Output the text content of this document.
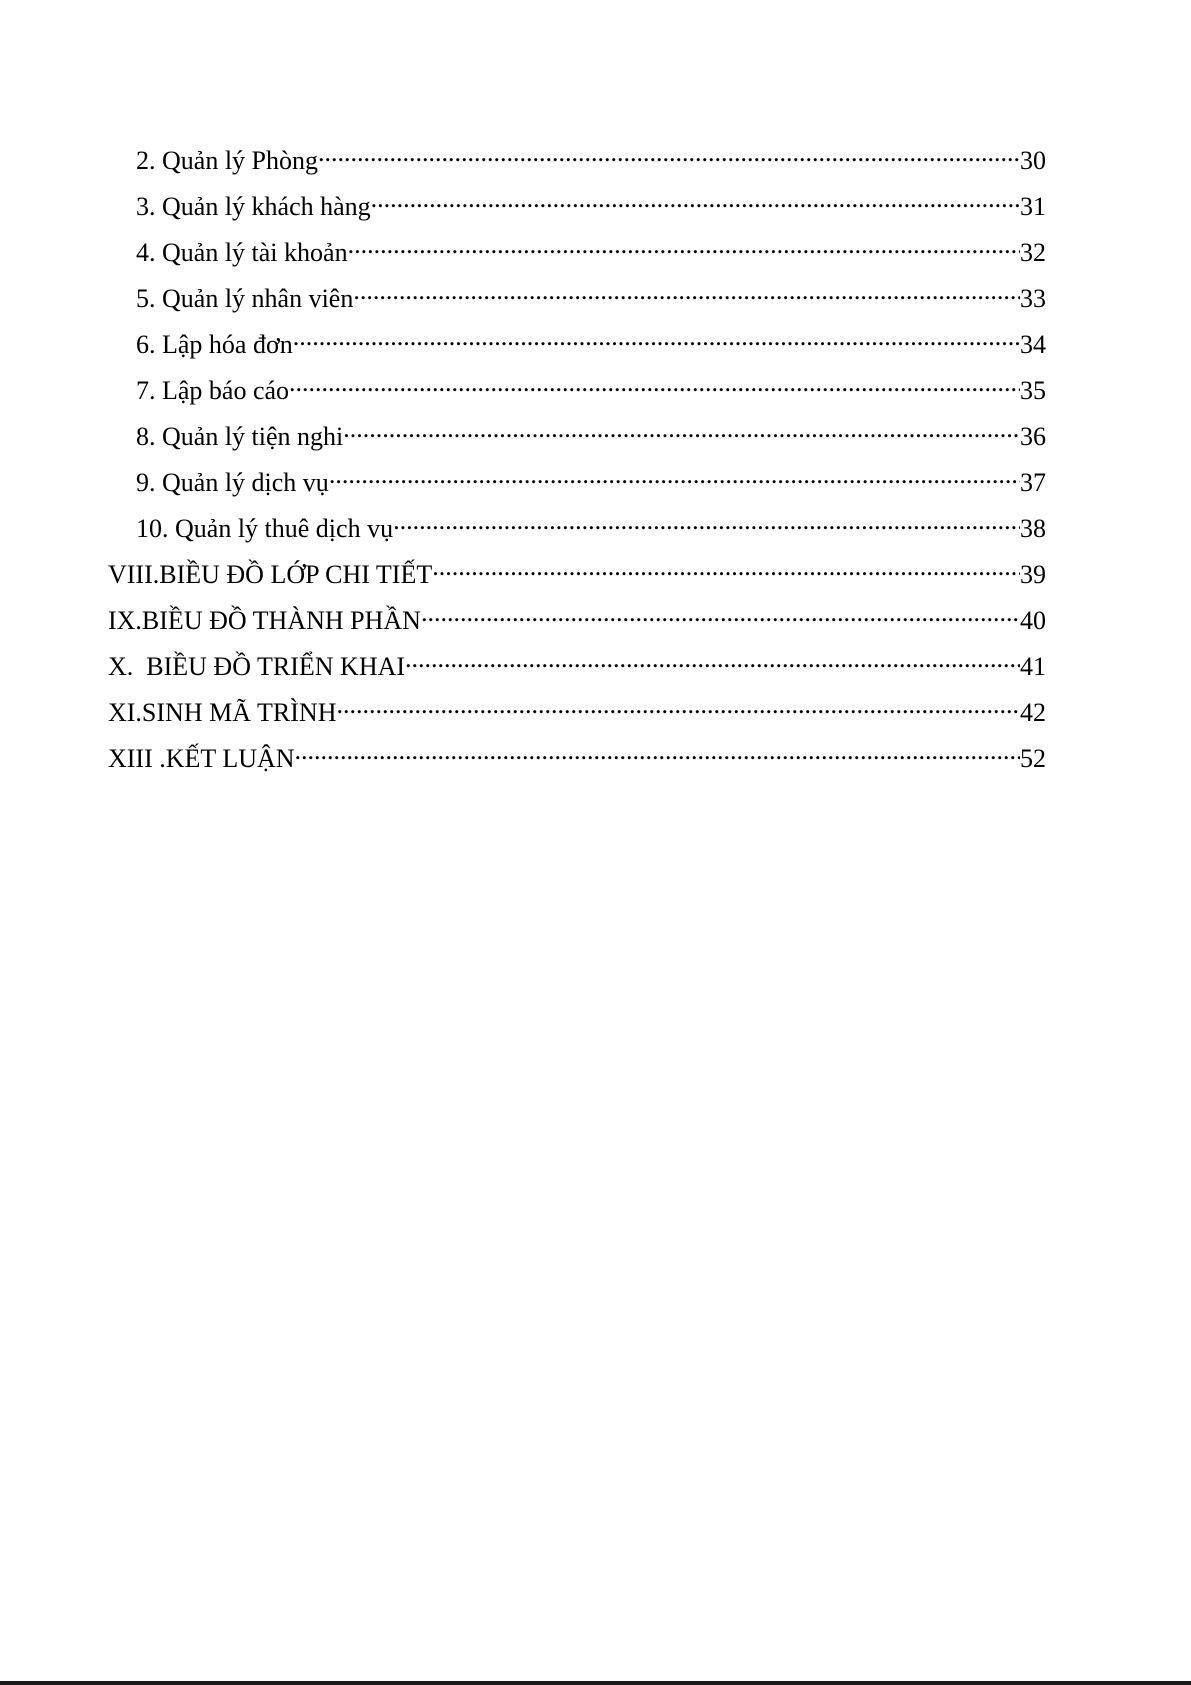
2. Quản lý Phòng .....	30
3. Quản lý khách hàng .....	31
4. Quản lý tài khoản .....	32
5. Quản lý nhân viên .....	33
6. Lập hóa đơn .....	34
7. Lập báo cáo .....	35
8. Quản lý tiện nghi .....	36
9. Quản lý dịch vụ .....	37
10. Quản lý thuê dịch vụ .....	38
VIII.BIỀU ĐỒ LỚP CHI TIẾT .....	39
IX.BIỀU ĐỒ THÀNH PHẦN .....	40
X.  BIỀU ĐỒ TRIỂN KHAI .....	41
XI.SINH MÃ TRÌNH .....	42
XIII .KẾT LUẬN .....	52
